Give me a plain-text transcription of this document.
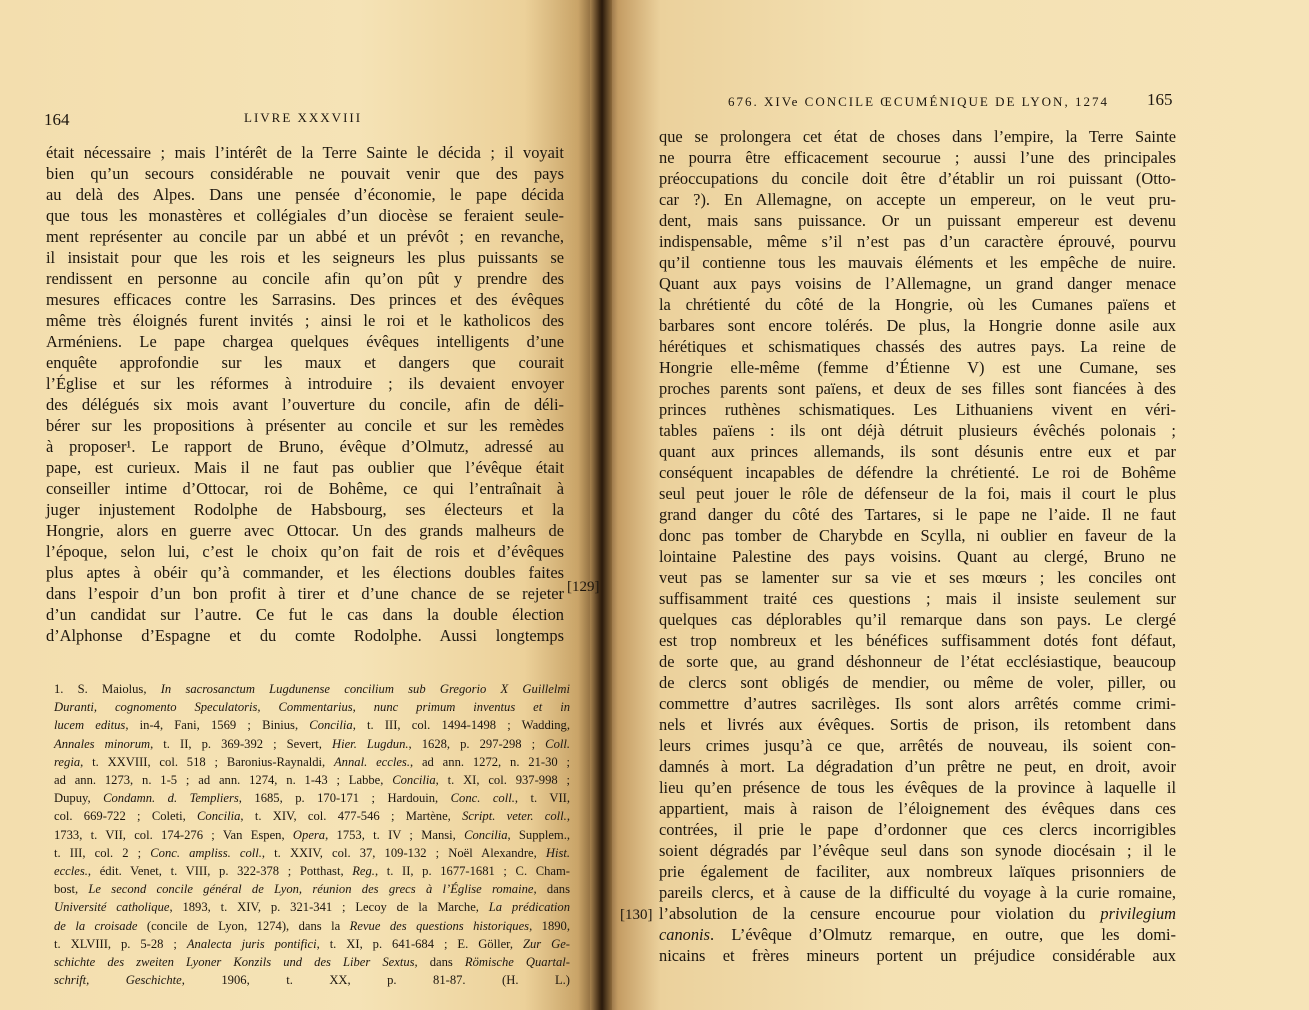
164	LIVRE XXXVIII
était nécessaire ; mais l’intérêt de la Terre Sainte le décida ; il voyait
bien qu’un secours considérable ne pouvait venir que des pays
au delà des Alpes. Dans une pensée d’économie, le pape décida
que tous les monastères et collégiales d’un diocèse se feraient seule-
ment représenter au concile par un abbé et un prévôt ; en revanche,
il insistait pour que les rois et les seigneurs les plus puissants se
rendissent en personne au concile afin qu’on pût y prendre des
mesures efficaces contre les Sarrasins. Des princes et des évêques
même très éloignés furent invités ; ainsi le roi et le katholicos des
Arméniens. Le pape chargea quelques évêques intelligents d’une
enquête approfondie sur les maux et dangers que courait
l’Église et sur les réformes à introduire ; ils devaient envoyer
des délégués six mois avant l’ouverture du concile, afin de déli-
bérer sur les propositions à présenter au concile et sur les remèdes
à proposer¹. Le rapport de Bruno, évêque d’Olmutz, adressé au
pape, est curieux. Mais il ne faut pas oublier que l’évêque était
conseiller intime d’Ottocar, roi de Bohême, ce qui l’entraînait à
juger injustement Rodolphe de Habsbourg, ses électeurs et la
Hongrie, alors en guerre avec Ottocar. Un des grands malheurs de
l’époque, selon lui, c’est le choix qu’on fait de rois et d’évêques
plus aptes à obéir qu’à commander, et les élections doubles faites
dans l’espoir d’un bon profit à tirer et d’une chance de se rejeter
d’un candidat sur l’autre. Ce fut le cas dans la double élection
d’Alphonse d’Espagne et du comte Rodolphe. Aussi longtemps
1. S. Maiolus, In sacrosanctum Lugdunense concilium sub Gregorio X Guillelmi
Duranti, cognomento Speculatoris, Commentarius, nunc primum inventus et in
lucem editus, in-4, Fani, 1569 ; Binius, Concilia, t. III, col. 1494-1498 ; Wadding,
Annales minorum, t. II, p. 369-392 ; Severt, Hier. Lugdun., 1628, p. 297-298 ; Coll.
regia, t. XXVIII, col. 518 ; Baronius-Raynaldi, Annal. eccles., ad ann. 1272, n. 21-30 ;
ad ann. 1273, n. 1-5 ; ad ann. 1274, n. 1-43 ; Labbe, Concilia, t. XI, col. 937-998 ;
Dupuy, Condamn. d. Templiers, 1685, p. 170-171 ; Hardouin, Conc. coll., t. VII,
col. 669-722 ; Coleti, Concilia, t. XIV, col. 477-546 ; Martène, Script. veter. coll.,
1733, t. VII, col. 174-276 ; Van Espen, Opera, 1753, t. IV ; Mansi, Concilia, Supplem.,
t. III, col. 2 ; Conc. ampliss. coll., t. XXIV, col. 37, 109-132 ; Noël Alexandre, Hist.
eccles., édit. Venet, t. VIII, p. 322-378 ; Potthast, Reg., t. II, p. 1677-1681 ; C. Cham-
bost, Le second concile général de Lyon, réunion des grecs à l’Église romaine, dans
Université catholique, 1893, t. XIV, p. 321-341 ; Lecoy de la Marche, La prédication
de la croisade (concile de Lyon, 1274), dans la Revue des questions historiques, 1890,
t. XLVIII, p. 5-28 ; Analecta juris pontifici, t. XI, p. 641-684 ; E. Göller, Zur Ge-
schichte des zweiten Lyoner Konzils und des Liber Sextus, dans Römische Quartal-
schrift, Geschichte, 1906, t. XX, p. 81-87. (H. L.)
676. XIVe CONCILE ŒCUMÉNIQUE DE LYON, 1274 165
que se prolongera cet état de choses dans l’empire, la Terre Sainte
ne pourra être efficacement secourue ; aussi l’une des principales
préoccupations du concile doit être d’établir un roi puissant (Otto-
car ?). En Allemagne, on accepte un empereur, on le veut pru-
dent, mais sans puissance. Or un puissant empereur est devenu
indispensable, même s’il n’est pas d’un caractère éprouvé, pourvu
qu’il contienne tous les mauvais éléments et les empêche de nuire.
Quant aux pays voisins de l’Allemagne, un grand danger menace
la chrétienté du côté de la Hongrie, où les Cumanes païens et
barbares sont encore tolérés. De plus, la Hongrie donne asile aux
hérétiques et schismatiques chassés des autres pays. La reine de
Hongrie elle-même (femme d’Étienne V) est une Cumane, ses
proches parents sont païens, et deux de ses filles sont fiancées à des
princes ruthènes schismatiques. Les Lithuaniens vivent en véri-
tables païens : ils ont déjà détruit plusieurs évêchés polonais ;
quant aux princes allemands, ils sont désunis entre eux et par
conséquent incapables de défendre la chrétienté. Le roi de Bohême
seul peut jouer le rôle de défenseur de la foi, mais il court le plus
grand danger du côté des Tartares, si le pape ne l’aide. Il ne faut
donc pas tomber de Charybde en Scylla, ni oublier en faveur de la
lointaine Palestine des pays voisins. Quant au clergé, Bruno ne
veut pas se lamenter sur sa vie et ses mœurs ; les conciles ont
suffisamment traité ces questions ; mais il insiste seulement sur
quelques cas déplorables qu’il remarque dans son pays. Le clergé
est trop nombreux et les bénéfices suffisamment dotés font défaut,
de sorte que, au grand déshonneur de l’état ecclésiastique, beaucoup
de clercs sont obligés de mendier, ou même de voler, piller, ou
commettre d’autres sacrilèges. Ils sont alors arrêtés comme crimi-
nels et livrés aux évêques. Sortis de prison, ils retombent dans
leurs crimes jusqu’à ce que, arrêtés de nouveau, ils soient con-
damnés à mort. La dégradation d’un prêtre ne peut, en droit, avoir
lieu qu’en présence de tous les évêques de la province à laquelle il
appartient, mais à raison de l’éloignement des évêques dans ces
contrées, il prie le pape d’ordonner que ces clercs incorrigibles
soient dégradés par l’évêque seul dans son synode diocésain ; il le
prie également de faciliter, aux nombreux laïques prisonniers de
pareils clercs, et à cause de la difficulté du voyage à la curie romaine,
l’absolution de la censure encourue pour violation du privilegium
canonis. L’évêque d’Olmutz remarque, en outre, que les domi-
nicains et frères mineurs portent un préjudice considérable aux
[129]
[130]
